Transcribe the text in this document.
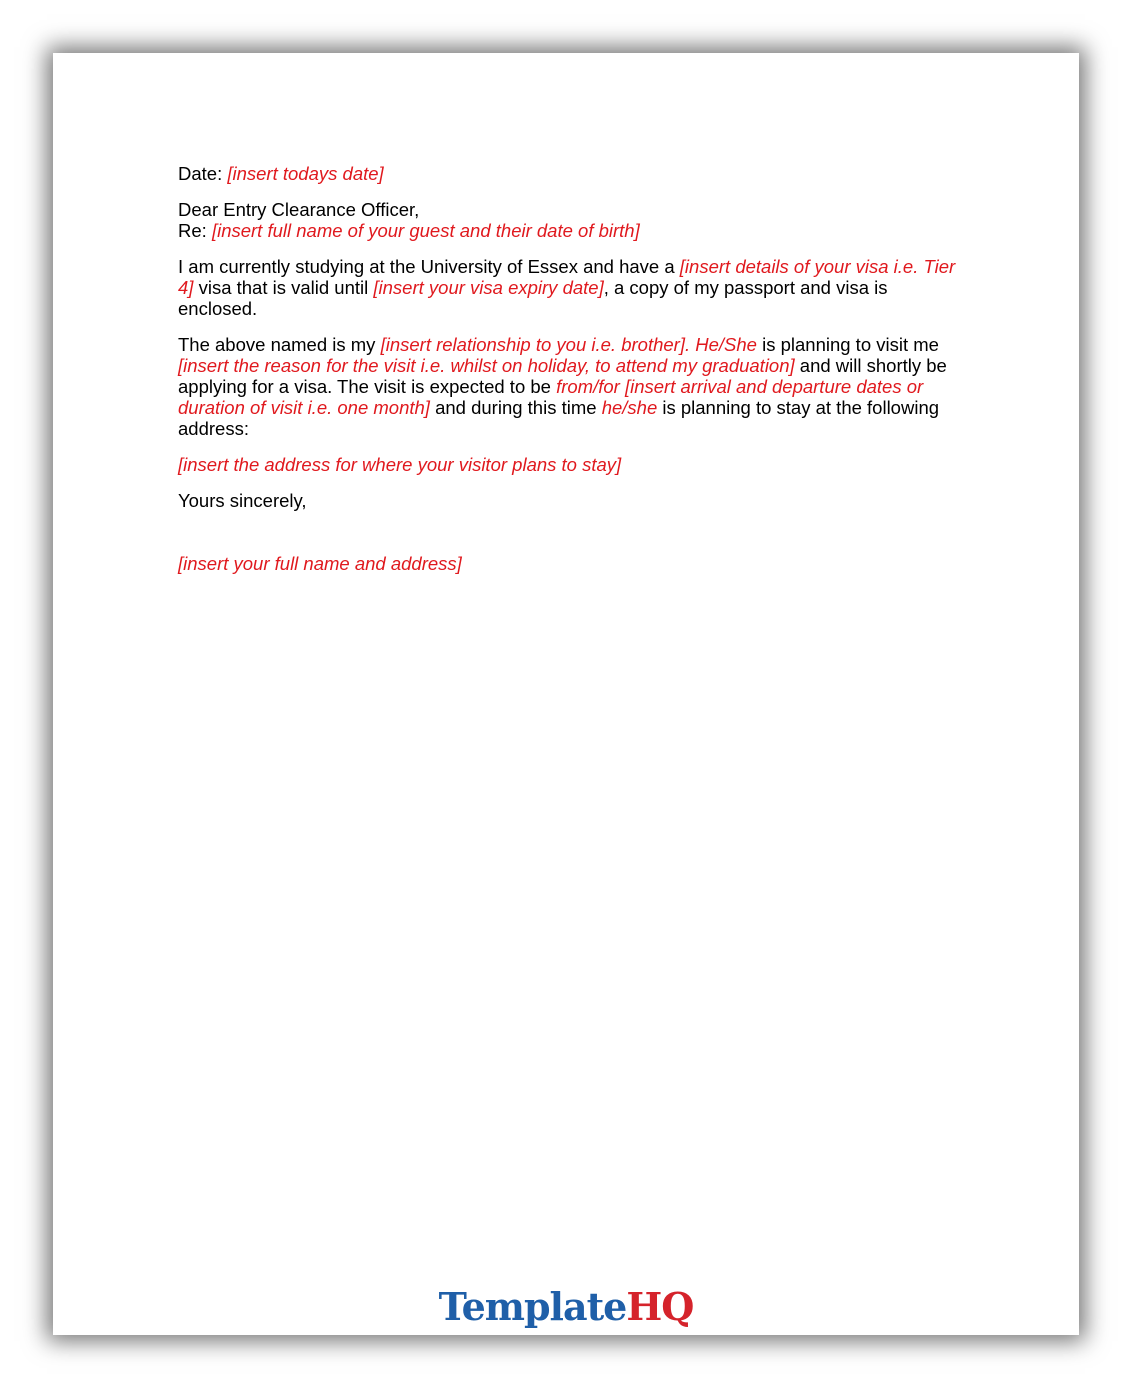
Date: [insert todays date]

Dear Entry Clearance Officer,

Re: [insert full name of your guest and their date of birth]

I am currently studying at the University of Essex and have a [insert details of your visa i.e. Tier 4] visa that is valid until [insert your visa expiry date], a copy of my passport and visa is enclosed.

The above named is my [insert relationship to you i.e. brother]. He/She is planning to visit me [insert the reason for the visit i.e. whilst on holiday, to attend my graduation] and will shortly be applying for a visa. The visit is expected to be from/for [insert arrival and departure dates or duration of visit i.e. one month] and during this time he/she is planning to stay at the following address:

[insert the address for where your visitor plans to stay]

Yours sincerely,

[insert your full name and address]

TemplateHQ
